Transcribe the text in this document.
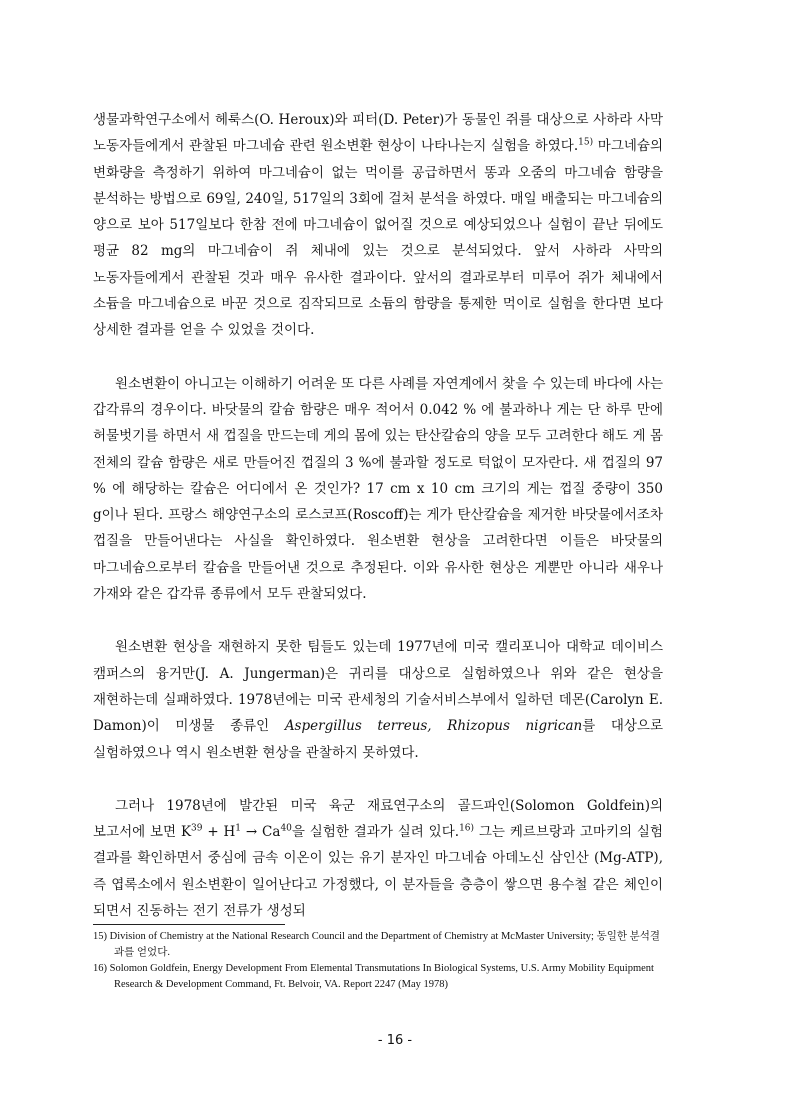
생물과학연구소에서 헤룩스(O. Heroux)와 피터(D. Peter)가 동물인 쥐를 대상으로 사하라 사막 노동자들에게서 관찰된 마그네슘 관련 원소변환 현상이 나타나는지 실험을 하였다.$^{15)}$ 마그네슘의 변화량을 측정하기 위하여 마그네슘이 없는 먹이를 공급하면서 똥과 오줌의 마그네슘 함량을 분석하는 방법으로 69일, 240일, 517일의 3회에 걸처 분석을 하였다. 매일 배출되는 마그네슘의 양으로 보아 517일보다 한참 전에 마그네슘이 없어질 것으로 예상되었으나 실험이 끝난 뒤에도 평균 82 mg의 마그네슘이 쥐 체내에 있는 것으로 분석되었다. 앞서 사하라 사막의 노동자들에게서 관찰된 것과 매우 유사한 결과이다. 앞서의 결과로부터 미루어 쥐가 체내에서 소듐을 마그네슘으로 바꾼 것으로 짐작되므로 소듐의 함량을 통제한 먹이로 실험을 한다면 보다 상세한 결과를 얻을 수 있었을 것이다.

원소변환이 아니고는 이해하기 어려운 또 다른 사례를 자연계에서 찾을 수 있는데 바다에 사는 갑각류의 경우이다. 바닷물의 칼슘 함량은 매우 적어서 0.042 % 에 불과하나 게는 단 하루 만에 허물벗기를 하면서 새 껍질을 만드는데 게의 몸에 있는 탄산칼슘의 양을 모두 고려한다 해도 게 몸 전체의 칼슘 함량은 새로 만들어진 껍질의 3 %에 불과할 정도로 턱없이 모자란다. 새 껍질의 97 % 에 해당하는 칼슘은 어디에서 온 것인가? 17 cm x 10 cm 크기의 게는 껍질 중량이 350 g이나 된다. 프랑스 해양연구소의 로스코프(Roscoff)는 게가 탄산칼슘을 제거한 바닷물에서조차 껍질을 만들어낸다는 사실을 확인하였다. 원소변환 현상을 고려한다면 이들은 바닷물의 마그네슘으로부터 칼슘을 만들어낸 것으로 추정된다. 이와 유사한 현상은 게뿐만 아니라 새우나 가재와 같은 갑각류 종류에서 모두 관찰되었다.

원소변환 현상을 재현하지 못한 팀들도 있는데 1977년에 미국 캘리포니아 대학교 데이비스 캠퍼스의 융거만(J. A. Jungerman)은 귀리를 대상으로 실험하였으나 위와 같은 현상을 재현하는데 실패하였다. 1978년에는 미국 관세청의 기술서비스부에서 일하던 데몬(Carolyn E. Damon)이 미생물 종류인 Aspergillus terreus, Rhizopus nigrican를 대상으로 실험하였으나 역시 원소변환 현상을 관찰하지 못하였다.

그러나 1978년에 발간된 미국 육군 재료연구소의 골드파인(Solomon Goldfein)의 보고서에 보면 $K^{39} + H^1 \to Ca^{40}$을 실험한 결과가 실려 있다.$^{16)}$ 그는 케르브랑과 고마키의 실험 결과를 확인하면서 중심에 금속 이온이 있는 유기 분자인 마그네슘 아데노신 삼인산 (Mg-ATP), 즉 엽록소에서 원소변환이 일어난다고 가정했다, 이 분자들을 층층이 쌓으면 용수철 같은 체인이 되면서 진동하는 전기 전류가 생성되

15) Division of Chemistry at the National Research Council and the Department of Chemistry at McMaster University; 동일한 분석결과를 얻었다.

16) Solomon Goldfein, Energy Development From Elemental Transmutations In Biological Systems, U.S. Army Mobility Equipment Research & Development Command, Ft. Belvoir, VA. Report 2247 (May 1978)

- 16 -
